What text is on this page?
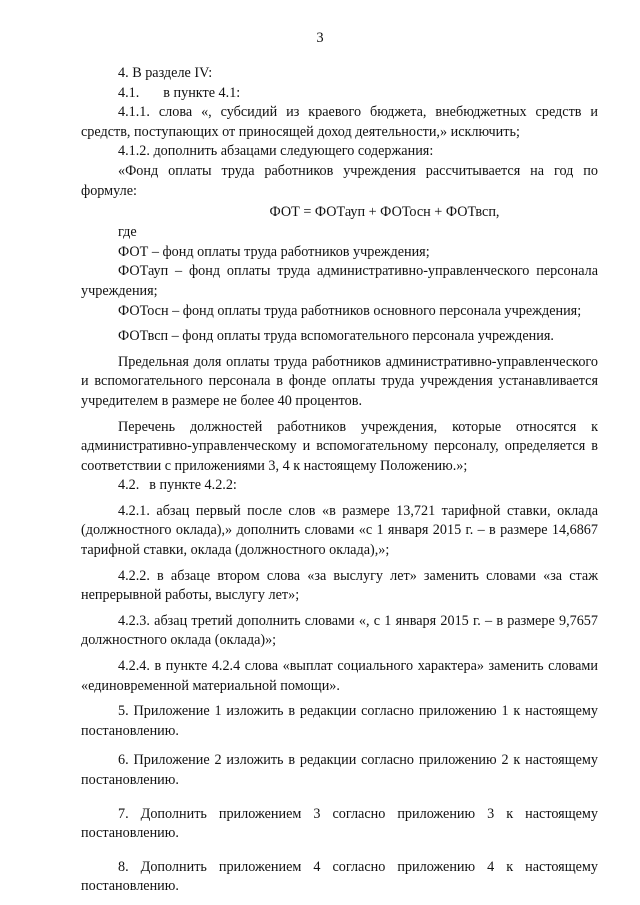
3

4. В разделе IV:

4.1. в пункте 4.1:

4.1.1. слова «, субсидий из краевого бюджета, внебюджетных средств и средств, поступающих от приносящей доход деятельности,» исключить;

4.1.2. дополнить абзацами следующего содержания:

«Фонд оплаты труда работников учреждения рассчитывается на год по формуле:

ФОТ = ФОТауп + ФОТосн + ФОТвсп,

где

ФОТ – фонд оплаты труда работников учреждения;

ФОТауп – фонд оплаты труда административно-управленческого персонала учреждения;

ФОТосн – фонд оплаты труда работников основного персонала учреждения;

ФОТвсп – фонд оплаты труда вспомогательного персонала учреждения.

Предельная доля оплаты труда работников административно-управленческого и вспомогательного персонала в фонде оплаты труда учреждения устанавливается учредителем в размере не более 40 процентов.

Перечень должностей работников учреждения, которые относятся к административно-управленческому и вспомогательному персоналу, определяется в соответствии с приложениями 3, 4 к настоящему Положению.»;

4.2. в пункте 4.2.2:

4.2.1. абзац первый после слов «в размере 13,721 тарифной ставки, оклада (должностного оклада),» дополнить словами «с 1 января 2015 г. – в размере 14,6867 тарифной ставки, оклада (должностного оклада),»;

4.2.2. в абзаце втором слова «за выслугу лет» заменить словами «за стаж непрерывной работы, выслугу лет»;

4.2.3. абзац третий дополнить словами «, с 1 января 2015 г. – в размере 9,7657 должностного оклада (оклада)»;

4.2.4. в пункте 4.2.4 слова «выплат социального характера» заменить словами «единовременной материальной помощи».

5. Приложение 1 изложить в редакции согласно приложению 1 к настоящему постановлению.

6. Приложение 2 изложить в редакции согласно приложению 2 к настоящему постановлению.

7. Дополнить приложением 3 согласно приложению 3 к настоящему постановлению.

8. Дополнить приложением 4 согласно приложению 4 к настоящему постановлению.
